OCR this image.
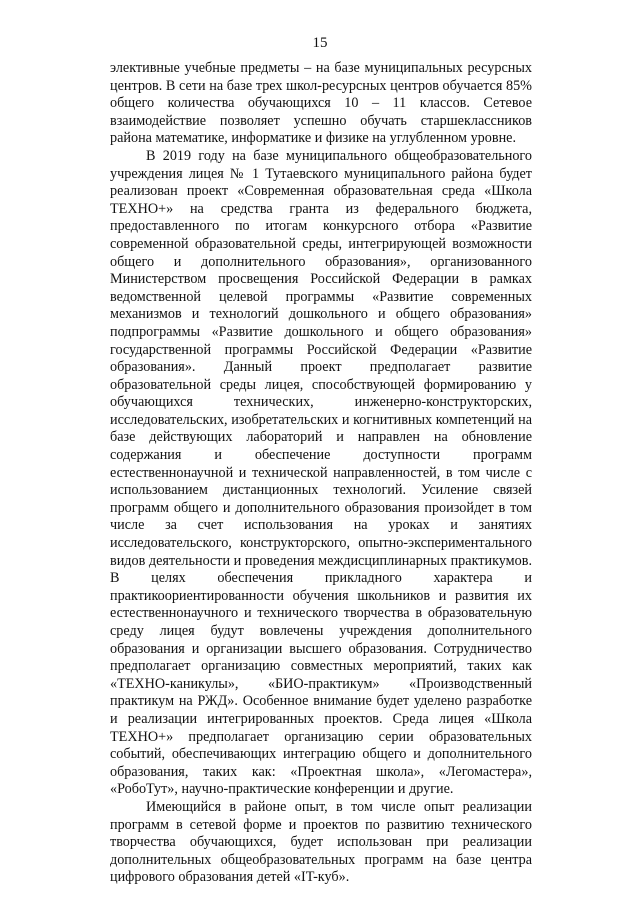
15

элективные учебные предметы – на базе муниципальных ресурсных центров. В сети на базе трех школ-ресурсных центров обучается 85% общего количества обучающихся 10 – 11 классов. Сетевое взаимодействие позволяет успешно обучать старшеклассников района математике, информатике и физике на углубленном уровне.

В 2019 году на базе муниципального общеобразовательного учреждения лицея № 1 Тутаевского муниципального района будет реализован проект «Современная образовательная среда «Школа ТЕХНО+» на средства гранта из федерального бюджета, предоставленного по итогам конкурсного отбора «Развитие современной образовательной среды, интегрирующей возможности общего и дополнительного образования», организованного Министерством просвещения Российской Федерации в рамках ведомственной целевой программы «Развитие современных механизмов и технологий дошкольного и общего образования» подпрограммы «Развитие дошкольного и общего образования» государственной программы Российской Федерации «Развитие образования». Данный проект предполагает развитие образовательной среды лицея, способствующей формированию у обучающихся технических, инженерно-конструкторских, исследовательских, изобретательских и когнитивных компетенций на базе действующих лабораторий и направлен на обновление содержания и обеспечение доступности программ естественнонаучной и технической направленностей, в том числе с использованием дистанционных технологий. Усиление связей программ общего и дополнительного образования произойдет в том числе за счет использования на уроках и занятиях исследовательского, конструкторского, опытно-экспериментального видов деятельности и проведения междисциплинарных практикумов. В целях обеспечения прикладного характера и практикоориентированности обучения школьников и развития их естественнонаучного и технического творчества в образовательную среду лицея будут вовлечены учреждения дополнительного образования и организации высшего образования. Сотрудничество предполагает организацию совместных мероприятий, таких как «ТЕХНО-каникулы», «БИО-практикум» «Производственный практикум на РЖД». Особенное внимание будет уделено разработке и реализации интегрированных проектов. Среда лицея «Школа ТЕХНО+» предполагает организацию серии образовательных событий, обеспечивающих интеграцию общего и дополнительного образования, таких как: «Проектная школа», «Легомастера», «РобоТут», научно-практические конференции и другие.

Имеющийся в районе опыт, в том числе опыт реализации программ в сетевой форме и проектов по развитию технического творчества обучающихся, будет использован при реализации дополнительных общеобразовательных программ на базе центра цифрового образования детей «IT-куб».
